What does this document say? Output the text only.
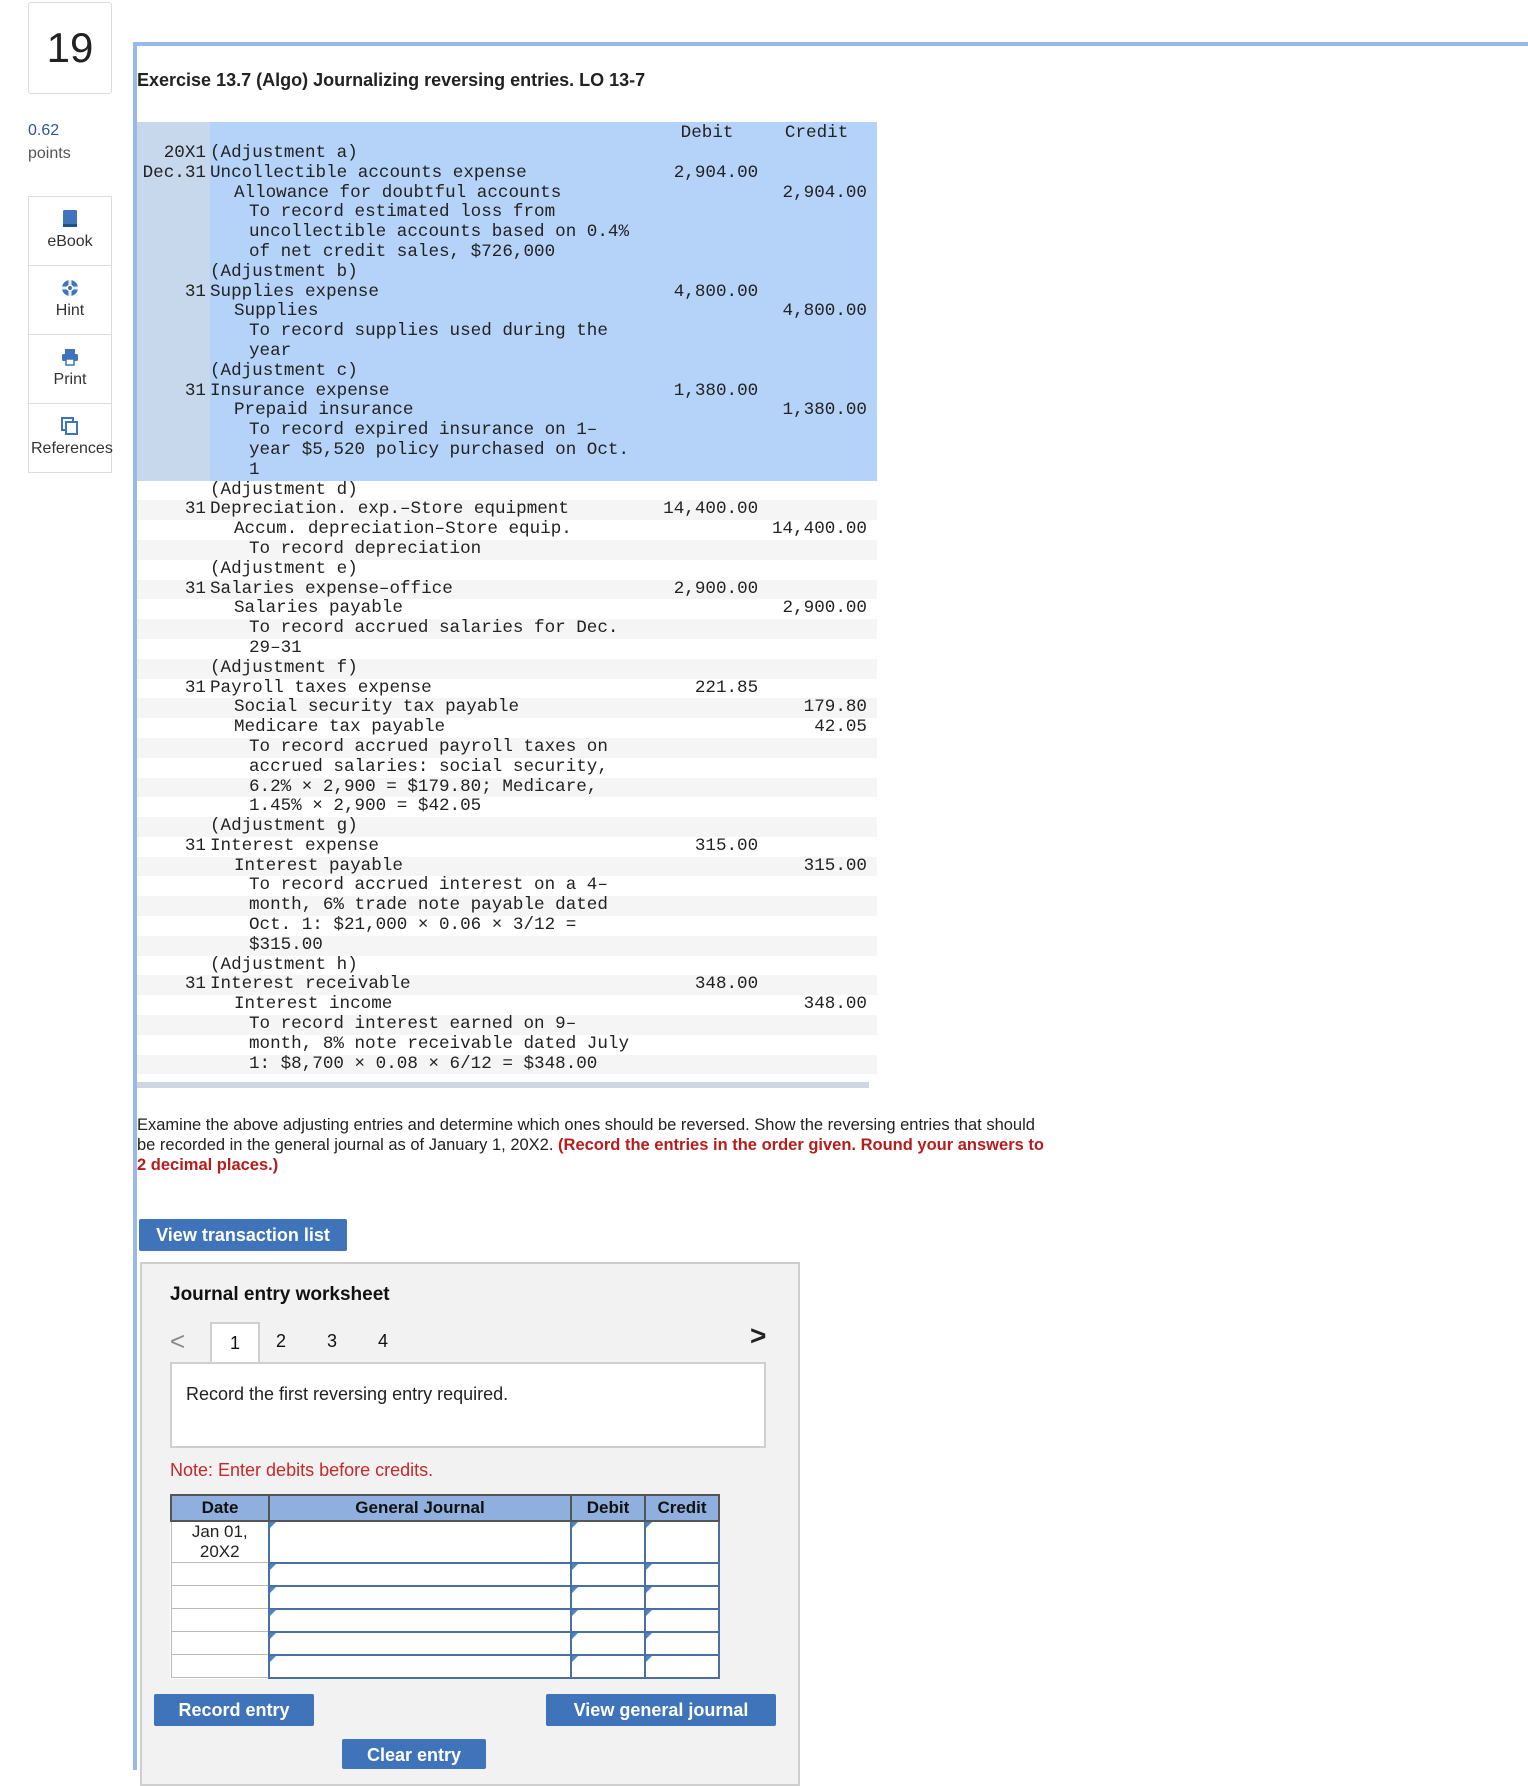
19
0.62
points
eBook
Hint
Print
References
Exercise 13.7 (Algo) Journalizing reversing entries. LO 13-7
		Debit	Credit
20X1	(Adjustment a)		
Dec.31	Uncollectible accounts expense	2,904.00	
	Allowance for doubtful accounts		2,904.00
	To record estimated loss from		
	uncollectible accounts based on 0.4%		
	of net credit sales, $726,000		
	(Adjustment b)		
31	Supplies expense	4,800.00	
	Supplies		4,800.00
	To record supplies used during the		
	year		
	(Adjustment c)		
31	Insurance expense	1,380.00	
	Prepaid insurance		1,380.00
	To record expired insurance on 1–		
	year $5,520 policy purchased on Oct.		
	1		
	(Adjustment d)		
31	Depreciation. exp.–Store equipment	14,400.00	
	Accum. depreciation–Store equip.		14,400.00
	To record depreciation		
	(Adjustment e)		
31	Salaries expense–office	2,900.00	
	Salaries payable		2,900.00
	To record accrued salaries for Dec.		
	29–31		
	(Adjustment f)		
31	Payroll taxes expense	221.85	
	Social security tax payable		179.80
	Medicare tax payable		42.05
	To record accrued payroll taxes on		
	accrued salaries: social security,		
	6.2% × 2,900 = $179.80; Medicare,		
	1.45% × 2,900 = $42.05		
	(Adjustment g)		
31	Interest expense	315.00	
	Interest payable		315.00
	To record accrued interest on a 4–		
	month, 6% trade note payable dated		
	Oct. 1: $21,000 × 0.06 × 3/12 =		
	$315.00		
	(Adjustment h)		
31	Interest receivable	348.00	
	Interest income		348.00
	To record interest earned on 9–		
	month, 8% note receivable dated July		
	1: $8,700 × 0.08 × 6/12 = $348.00		
Examine the above adjusting entries and determine which ones should be reversed. Show the reversing entries that should be recorded in the general journal as of January 1, 20X2. (Record the entries in the order given. Round your answers to 2 decimal places.)
View transaction list
Journal entry worksheet
<	1	2	3	4	>
Record the first reversing entry required.
Note: Enter debits before credits.
Date	General Journal	Debit	Credit
Jan 01,
20X2			

Record entry	View general journal
Clear entry
